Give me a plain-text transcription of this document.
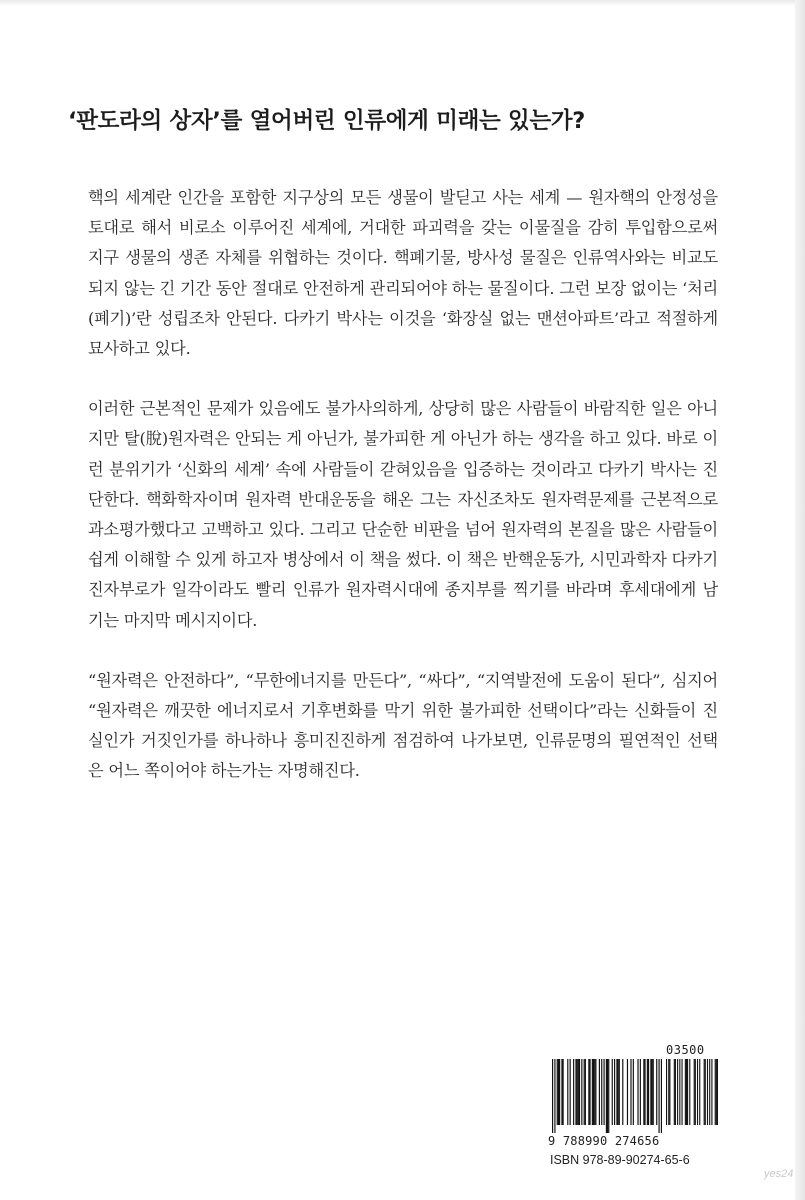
‘판도라의 상자’를 열어버린 인류에게 미래는 있는가?

핵의 세계란 인간을 포함한 지구상의 모든 생물이 발딛고 사는 세계 — 원자핵의 안정성을 토대로 해서 비로소 이루어진 세계에, 거대한 파괴력을 갖는 이물질을 감히 투입함으로써 지구 생물의 생존 자체를 위협하는 것이다. 핵폐기물, 방사성 물질은 인류역사와는 비교도 되지 않는 긴 기간 동안 절대로 안전하게 관리되어야 하는 물질이다. 그런 보장 없이는 ‘처리(폐기)’란 성립조차 안된다. 다카기 박사는 이것을 ‘화장실 없는 맨션아파트’라고 적절하게 묘사하고 있다.

이러한 근본적인 문제가 있음에도 불가사의하게, 상당히 많은 사람들이 바람직한 일은 아니지만 탈(脫)원자력은 안되는 게 아닌가, 불가피한 게 아닌가 하는 생각을 하고 있다. 바로 이런 분위기가 ‘신화의 세계’ 속에 사람들이 갇혀있음을 입증하는 것이라고 다카기 박사는 진단한다. 핵화학자이며 원자력 반대운동을 해온 그는 자신조차도 원자력문제를 근본적으로 과소평가했다고 고백하고 있다. 그리고 단순한 비판을 넘어 원자력의 본질을 많은 사람들이 쉽게 이해할 수 있게 하고자 병상에서 이 책을 썼다. 이 책은 반핵운동가, 시민과학자 다카기 진자부로가 일각이라도 빨리 인류가 원자력시대에 종지부를 찍기를 바라며 후세대에게 남기는 마지막 메시지이다.

“원자력은 안전하다”, “무한에너지를 만든다”, “싸다”, “지역발전에 도움이 된다”, 심지어 “원자력은 깨끗한 에너지로서 기후변화를 막기 위한 불가피한 선택이다”라는 신화들이 진실인가 거짓인가를 하나하나 흥미진진하게 점검하여 나가보면, 인류문명의 필연적인 선택은 어느 쪽이어야 하는가는 자명해진다.

03500
9 788990 274656
ISBN 978-89-90274-65-6
yes24
